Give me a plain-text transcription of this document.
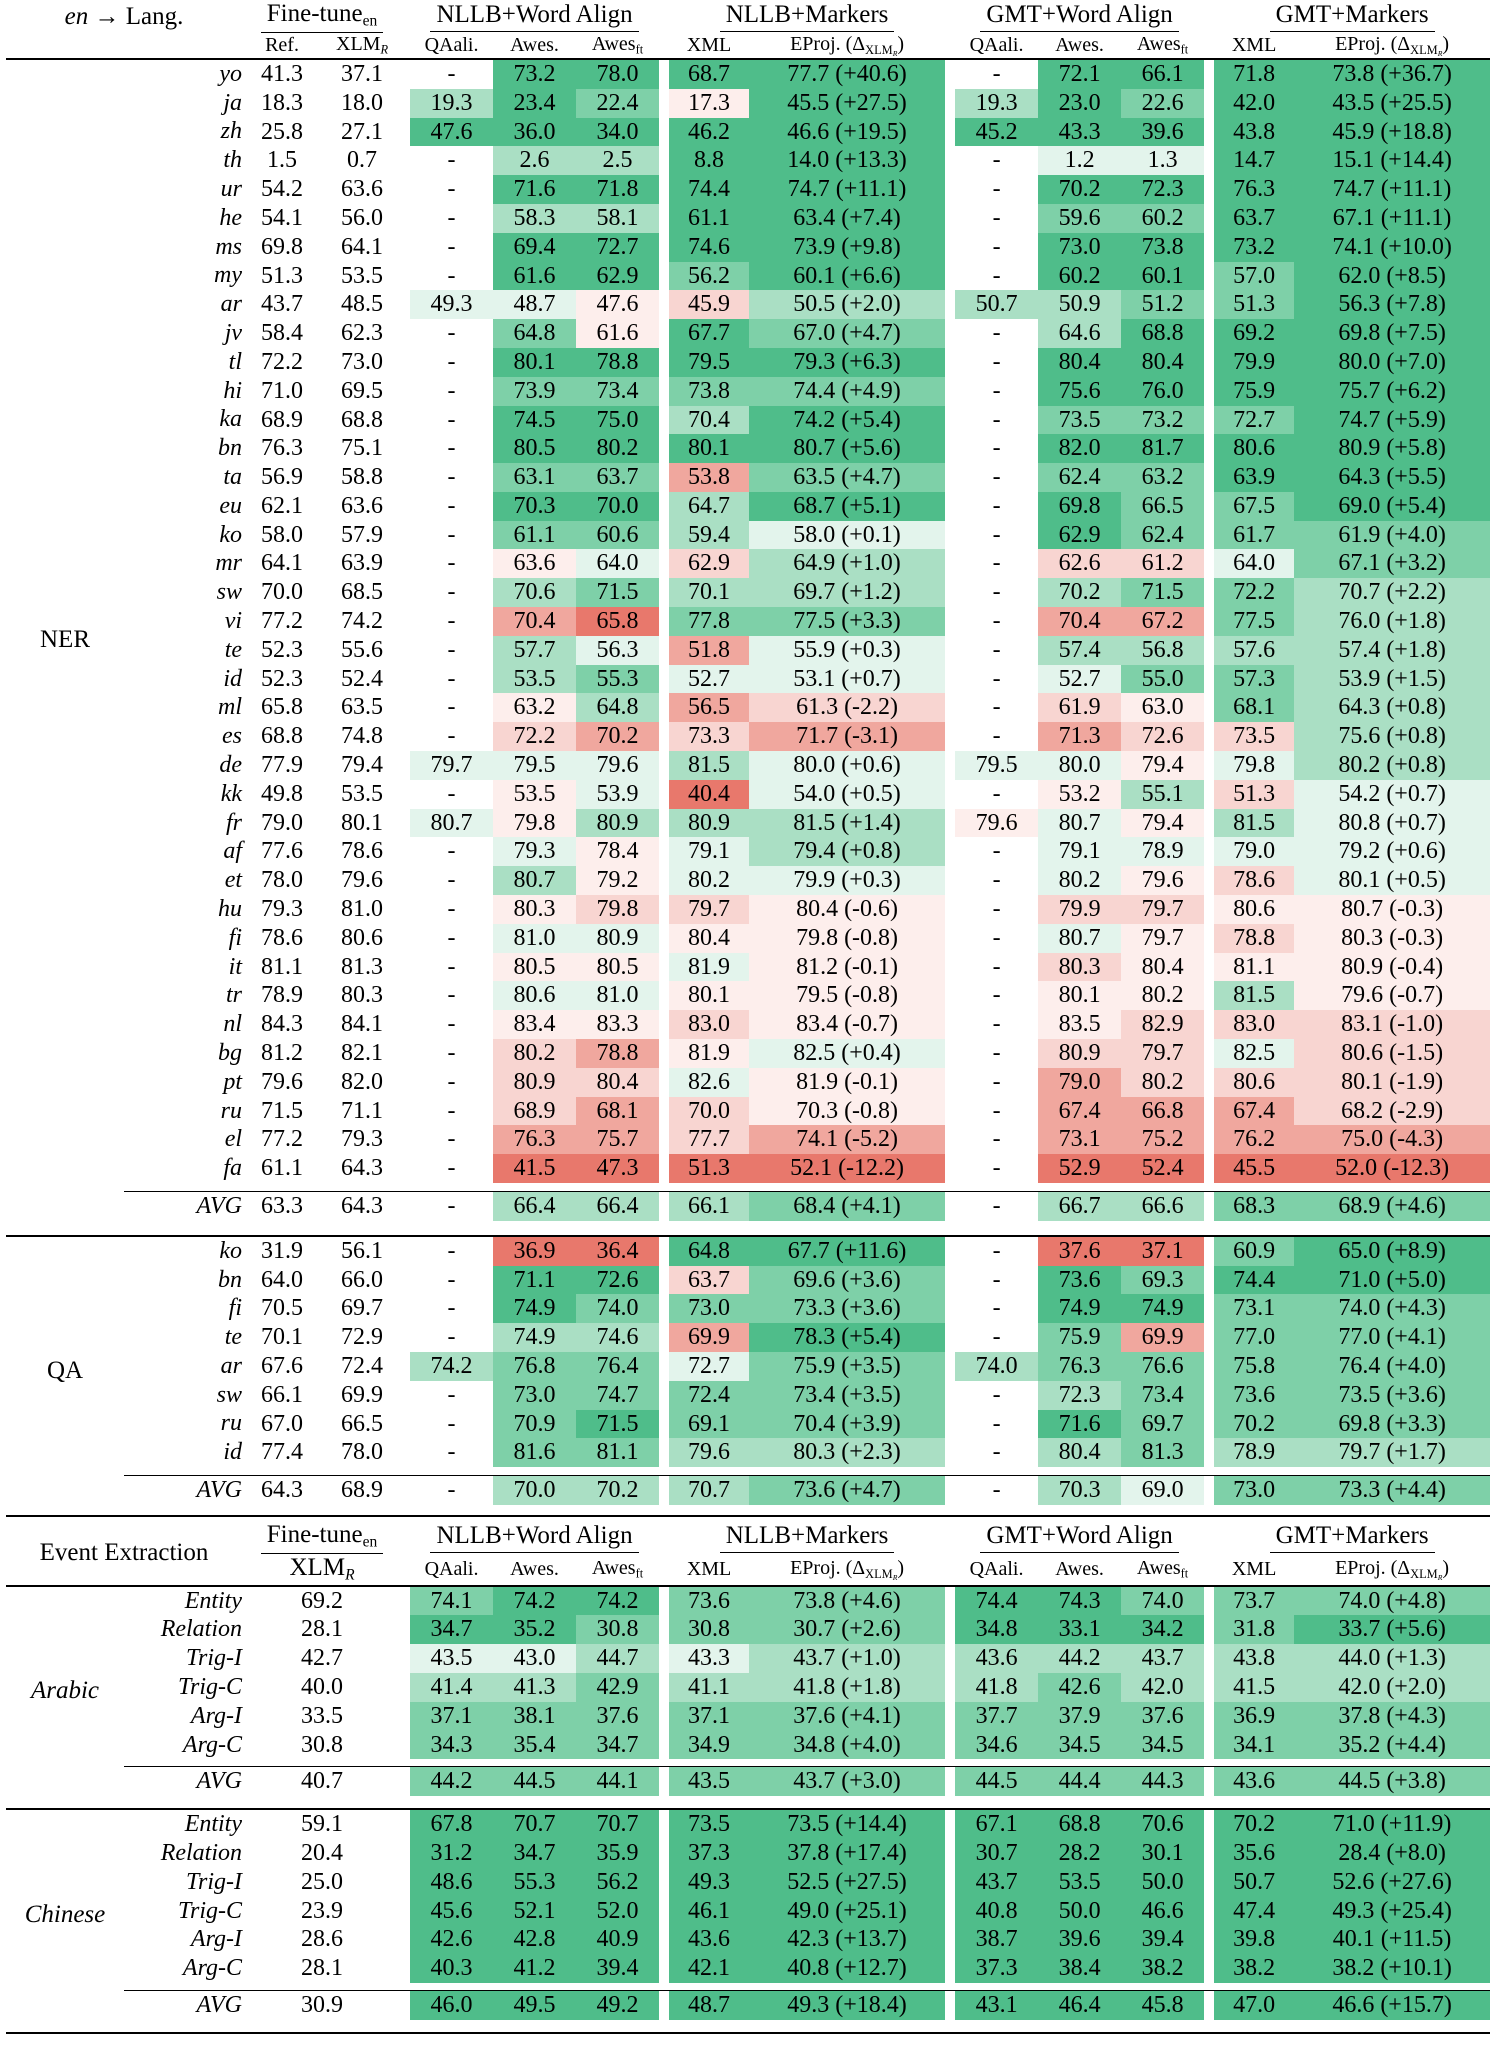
en → Lang.		Fine-tune$_{en}$			NLLB+Word Align				NLLB+Markers			GMT+Word Align				GMT+Markers	
		Ref.	$XLM_R$		QAali.	Awes.	Awes$_{ft}$		XML	EProj. $(\Delta_{XLM_R})$		QAali.	Awes.	Awes$_{ft}$		XML	EProj. $(\Delta_{XLM_R})$
NER	yo	41.3	37.1		-	73.2	78.0		68.7	77.7 (+40.6)		-	72.1	66.1		71.8	73.8 (+36.7)
	ja	18.3	18.0		19.3	23.4	22.4		17.3	45.5 (+27.5)		19.3	23.0	22.6		42.0	43.5 (+25.5)
	zh	25.8	27.1		47.6	36.0	34.0		46.2	46.6 (+19.5)		45.2	43.3	39.6		43.8	45.9 (+18.8)
	th	1.5	0.7		-	2.6	2.5		8.8	14.0 (+13.3)		-	1.2	1.3		14.7	15.1 (+14.4)
	ur	54.2	63.6		-	71.6	71.8		74.4	74.7 (+11.1)		-	70.2	72.3		76.3	74.7 (+11.1)
	he	54.1	56.0		-	58.3	58.1		61.1	63.4 (+7.4)		-	59.6	60.2		63.7	67.1 (+11.1)
	ms	69.8	64.1		-	69.4	72.7		74.6	73.9 (+9.8)		-	73.0	73.8		73.2	74.1 (+10.0)
	my	51.3	53.5		-	61.6	62.9		56.2	60.1 (+6.6)		-	60.2	60.1		57.0	62.0 (+8.5)
	ar	43.7	48.5		49.3	48.7	47.6		45.9	50.5 (+2.0)		50.7	50.9	51.2		51.3	56.3 (+7.8)
	jv	58.4	62.3		-	64.8	61.6		67.7	67.0 (+4.7)		-	64.6	68.8		69.2	69.8 (+7.5)
	tl	72.2	73.0		-	80.1	78.8		79.5	79.3 (+6.3)		-	80.4	80.4		79.9	80.0 (+7.0)
	hi	71.0	69.5		-	73.9	73.4		73.8	74.4 (+4.9)		-	75.6	76.0		75.9	75.7 (+6.2)
	ka	68.9	68.8		-	74.5	75.0		70.4	74.2 (+5.4)		-	73.5	73.2		72.7	74.7 (+5.9)
	bn	76.3	75.1		-	80.5	80.2		80.1	80.7 (+5.6)		-	82.0	81.7		80.6	80.9 (+5.8)
	ta	56.9	58.8		-	63.1	63.7		53.8	63.5 (+4.7)		-	62.4	63.2		63.9	64.3 (+5.5)
	eu	62.1	63.6		-	70.3	70.0		64.7	68.7 (+5.1)		-	69.8	66.5		67.5	69.0 (+5.4)
	ko	58.0	57.9		-	61.1	60.6		59.4	58.0 (+0.1)		-	62.9	62.4		61.7	61.9 (+4.0)
	mr	64.1	63.9		-	63.6	64.0		62.9	64.9 (+1.0)		-	62.6	61.2		64.0	67.1 (+3.2)
	sw	70.0	68.5		-	70.6	71.5		70.1	69.7 (+1.2)		-	70.2	71.5		72.2	70.7 (+2.2)
	vi	77.2	74.2		-	70.4	65.8		77.8	77.5 (+3.3)		-	70.4	67.2		77.5	76.0 (+1.8)
	te	52.3	55.6		-	57.7	56.3		51.8	55.9 (+0.3)		-	57.4	56.8		57.6	57.4 (+1.8)
	id	52.3	52.4		-	53.5	55.3		52.7	53.1 (+0.7)		-	52.7	55.0		57.3	53.9 (+1.5)
	ml	65.8	63.5		-	63.2	64.8		56.5	61.3 (-2.2)		-	61.9	63.0		68.1	64.3 (+0.8)
	es	68.8	74.8		-	72.2	70.2		73.3	71.7 (-3.1)		-	71.3	72.6		73.5	75.6 (+0.8)
	de	77.9	79.4		79.7	79.5	79.6		81.5	80.0 (+0.6)		79.5	80.0	79.4		79.8	80.2 (+0.8)
	kk	49.8	53.5		-	53.5	53.9		40.4	54.0 (+0.5)		-	53.2	55.1		51.3	54.2 (+0.7)
	fr	79.0	80.1		80.7	79.8	80.9		80.9	81.5 (+1.4)		79.6	80.7	79.4		81.5	80.8 (+0.7)
	af	77.6	78.6		-	79.3	78.4		79.1	79.4 (+0.8)		-	79.1	78.9		79.0	79.2 (+0.6)
	et	78.0	79.6		-	80.7	79.2		80.2	79.9 (+0.3)		-	80.2	79.6		78.6	80.1 (+0.5)
	hu	79.3	81.0		-	80.3	79.8		79.7	80.4 (-0.6)		-	79.9	79.7		80.6	80.7 (-0.3)
	fi	78.6	80.6		-	81.0	80.9		80.4	79.8 (-0.8)		-	80.7	79.7		78.8	80.3 (-0.3)
	it	81.1	81.3		-	80.5	80.5		81.9	81.2 (-0.1)		-	80.3	80.4		81.1	80.9 (-0.4)
	tr	78.9	80.3		-	80.6	81.0		80.1	79.5 (-0.8)		-	80.1	80.2		81.5	79.6 (-0.7)
	nl	84.3	84.1		-	83.4	83.3		83.0	83.4 (-0.7)		-	83.5	82.9		83.0	83.1 (-1.0)
	bg	81.2	82.1		-	80.2	78.8		81.9	82.5 (+0.4)		-	80.9	79.7		82.5	80.6 (-1.5)
	pt	79.6	82.0		-	80.9	80.4		82.6	81.9 (-0.1)		-	79.0	80.2		80.6	80.1 (-1.9)
	ru	71.5	71.1		-	68.9	68.1		70.0	70.3 (-0.8)		-	67.4	66.8		67.4	68.2 (-2.9)
	el	77.2	79.3		-	76.3	75.7		77.7	74.1 (-5.2)		-	73.1	75.2		76.2	75.0 (-4.3)
	fa	61.1	64.3		-	41.5	47.3		51.3	52.1 (-12.2)		-	52.9	52.4		45.5	52.0 (-12.3)

	AVG	63.3	64.3		-	66.4	66.4		66.1	68.4 (+4.1)		-	66.7	66.6		68.3	68.9 (+4.6)

QA	ko	31.9	56.1		-	36.9	36.4		64.8	67.7 (+11.6)		-	37.6	37.1		60.9	65.0 (+8.9)
	bn	64.0	66.0		-	71.1	72.6		63.7	69.6 (+3.6)		-	73.6	69.3		74.4	71.0 (+5.0)
	fi	70.5	69.7		-	74.9	74.0		73.0	73.3 (+3.6)		-	74.9	74.9		73.1	74.0 (+4.3)
	te	70.1	72.9		-	74.9	74.6		69.9	78.3 (+5.4)		-	75.9	69.9		77.0	77.0 (+4.1)
	ar	67.6	72.4		74.2	76.8	76.4		72.7	75.9 (+3.5)		74.0	76.3	76.6		75.8	76.4 (+4.0)
	sw	66.1	69.9		-	73.0	74.7		72.4	73.4 (+3.5)		-	72.3	73.4		73.6	73.5 (+3.6)
	ru	67.0	66.5		-	70.9	71.5		69.1	70.4 (+3.9)		-	71.6	69.7		70.2	69.8 (+3.3)
	id	77.4	78.0		-	81.6	81.1		79.6	80.3 (+2.3)		-	80.4	81.3		78.9	79.7 (+1.7)

	AVG	64.3	68.9		-	70.0	70.2		70.7	73.6 (+4.7)		-	70.3	69.0		73.0	73.3 (+4.4)

Event Extraction		Fine-tune$_{en}$		NLLB+Word Align				NLLB+Markers			GMT+Word Align				GMT+Markers	
		$XLM_R$		QAali.	Awes.	Awes$_{ft}$		XML	EProj. $(\Delta_{XLM_R})$		QAali.	Awes.	Awes$_{ft}$		XML	EProj. $(\Delta_{XLM_R})$
Arabic	Entity	69.2		74.1	74.2	74.2		73.6	73.8 (+4.6)		74.4	74.3	74.0		73.7	74.0 (+4.8)
	Relation	28.1		34.7	35.2	30.8		30.8	30.7 (+2.6)		34.8	33.1	34.2		31.8	33.7 (+5.6)
	Trig-I	42.7		43.5	43.0	44.7		43.3	43.7 (+1.0)		43.6	44.2	43.7		43.8	44.0 (+1.3)
	Trig-C	40.0		41.4	41.3	42.9		41.1	41.8 (+1.8)		41.8	42.6	42.0		41.5	42.0 (+2.0)
	Arg-I	33.5		37.1	38.1	37.6		37.1	37.6 (+4.1)		37.7	37.9	37.6		36.9	37.8 (+4.3)
	Arg-C	30.8		34.3	35.4	34.7		34.9	34.8 (+4.0)		34.6	34.5	34.5		34.1	35.2 (+4.4)

	AVG	40.7		44.2	44.5	44.1		43.5	43.7 (+3.0)		44.5	44.4	44.3		43.6	44.5 (+3.8)

Chinese	Entity	59.1		67.8	70.7	70.7		73.5	73.5 (+14.4)		67.1	68.8	70.6		70.2	71.0 (+11.9)
	Relation	20.4		31.2	34.7	35.9		37.3	37.8 (+17.4)		30.7	28.2	30.1		35.6	28.4 (+8.0)
	Trig-I	25.0		48.6	55.3	56.2		49.3	52.5 (+27.5)		43.7	53.5	50.0		50.7	52.6 (+27.6)
	Trig-C	23.9		45.6	52.1	52.0		46.1	49.0 (+25.1)		40.8	50.0	46.6		47.4	49.3 (+25.4)
	Arg-I	28.6		42.6	42.8	40.9		43.6	42.3 (+13.7)		38.7	39.6	39.4		39.8	40.1 (+11.5)
	Arg-C	28.1		40.3	41.2	39.4		42.1	40.8 (+12.7)		37.3	38.4	38.2		38.2	38.2 (+10.1)

	AVG	30.9		46.0	49.5	49.2		48.7	49.3 (+18.4)		43.1	46.4	45.8		47.0	46.6 (+15.7)
